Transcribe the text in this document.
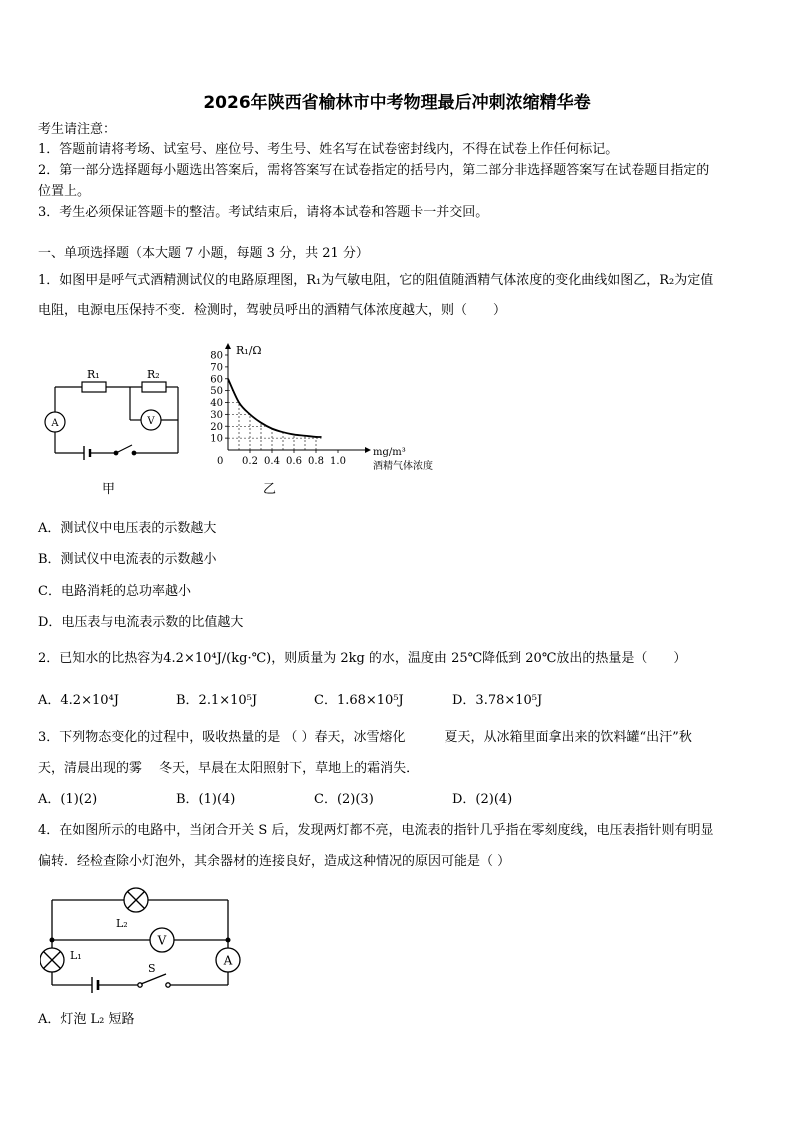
2026年陕西省榆林市中考物理最后冲刺浓缩精华卷
考生请注意：
1．答题前请将考场、试室号、座位号、考生号、姓名写在试卷密封线内，不得在试卷上作任何标记。
2．第一部分选择题每小题选出答案后，需将答案写在试卷指定的括号内，第二部分非选择题答案写在试卷题目指定的
位置上。
3．考生必须保证答题卡的整洁。考试结束后，请将本试卷和答题卡一并交回。
一、单项选择题（本大题 7 小题，每题 3 分，共 21 分）
1．如图甲是呼气式酒精测试仪的电路原理图，R₁为气敏电阻，它的阻值随酒精气体浓度的变化曲线如图乙，R₂为定值
电阻，电源电压保持不变．检测时，驾驶员呼出的酒精气体浓度越大，则（　　）
R₁	R₂
A	V
甲
10
20
30
40
50
60
70
80
0.2 0.4 0.6 0.8 1.0
R₁/Ω
mg/m³
酒精气体浓度
0
乙
A．测试仪中电压表的示数越大
B．测试仪中电流表的示数越小
C．电路消耗的总功率越小
D．电压表与电流表示数的比值越大
2．已知水的比热容为4.2×10⁴J/(kg·℃)，则质量为 2kg 的水，温度由 25℃降低到 20℃放出的热量是（　　）
A．4.2×10⁴J	B．2.1×10⁵J	C．1.68×10⁵J	D．3.78×10⁵J
3．下列物态变化的过程中，吸收热量的是 （ ）春天，冰雪熔化　　　夏天，从冰箱里面拿出来的饮料罐“出汗”秋
天，清晨出现的雾　 冬天，早晨在太阳照射下，草地上的霜消失．
A．(1)(2)	B．(1)(4)	C．(2)(3)	D．(2)(4)
4．在如图所示的电路中，当闭合开关 S 后，发现两灯都不亮，电流表的指针几乎指在零刻度线，电压表指针则有明显
偏转．经检查除小灯泡外，其余器材的连接良好，造成这种情况的原因可能是（ ）
L₂
L₁
S
V
A
A．灯泡 L₂ 短路
